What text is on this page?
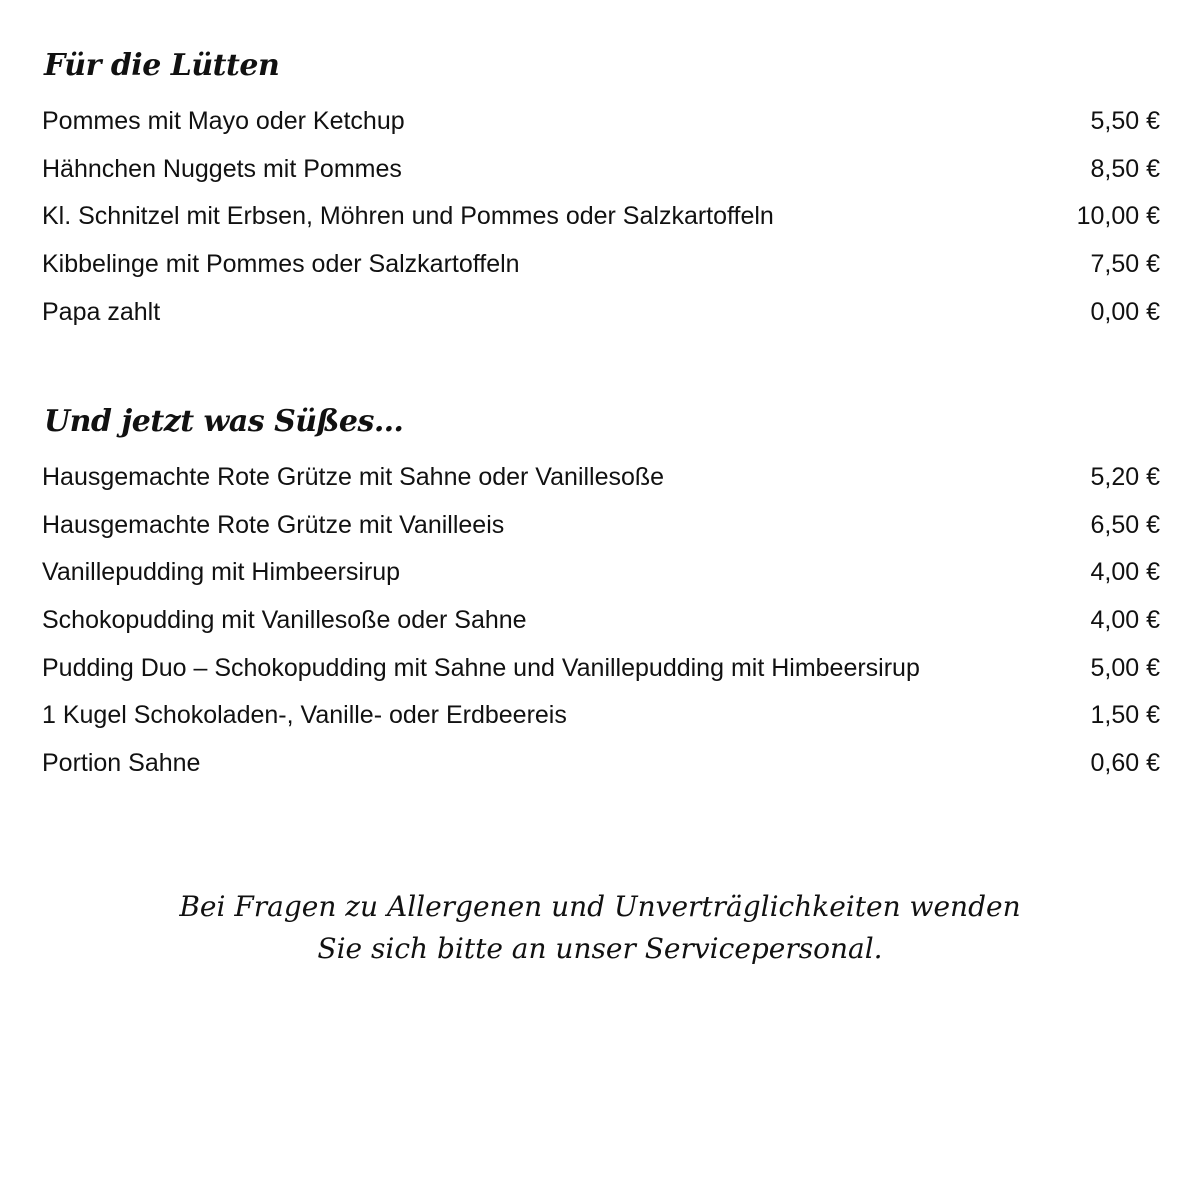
Für die Lütten
Pommes mit Mayo oder Ketchup	5,50 €
Hähnchen Nuggets mit Pommes	8,50 €
Kl. Schnitzel mit Erbsen, Möhren und Pommes oder Salzkartoffeln	10,00 €
Kibbelinge mit Pommes oder Salzkartoffeln	7,50 €
Papa zahlt	0,00 €
Und jetzt was Süßes…
Hausgemachte Rote Grütze mit Sahne oder Vanillesoße	5,20 €
Hausgemachte Rote Grütze mit Vanilleeis	6,50 €
Vanillepudding mit Himbeersirup	4,00 €
Schokopudding mit Vanillesoße oder Sahne	4,00 €
Pudding Duo – Schokopudding mit Sahne und Vanillepudding mit Himbeersirup	5,00 €
1 Kugel Schokoladen-, Vanille- oder Erdbeereis	1,50 €
Portion Sahne	0,60 €
Bei Fragen zu Allergenen und Unverträglichkeiten wenden
Sie sich bitte an unser Servicepersonal.
